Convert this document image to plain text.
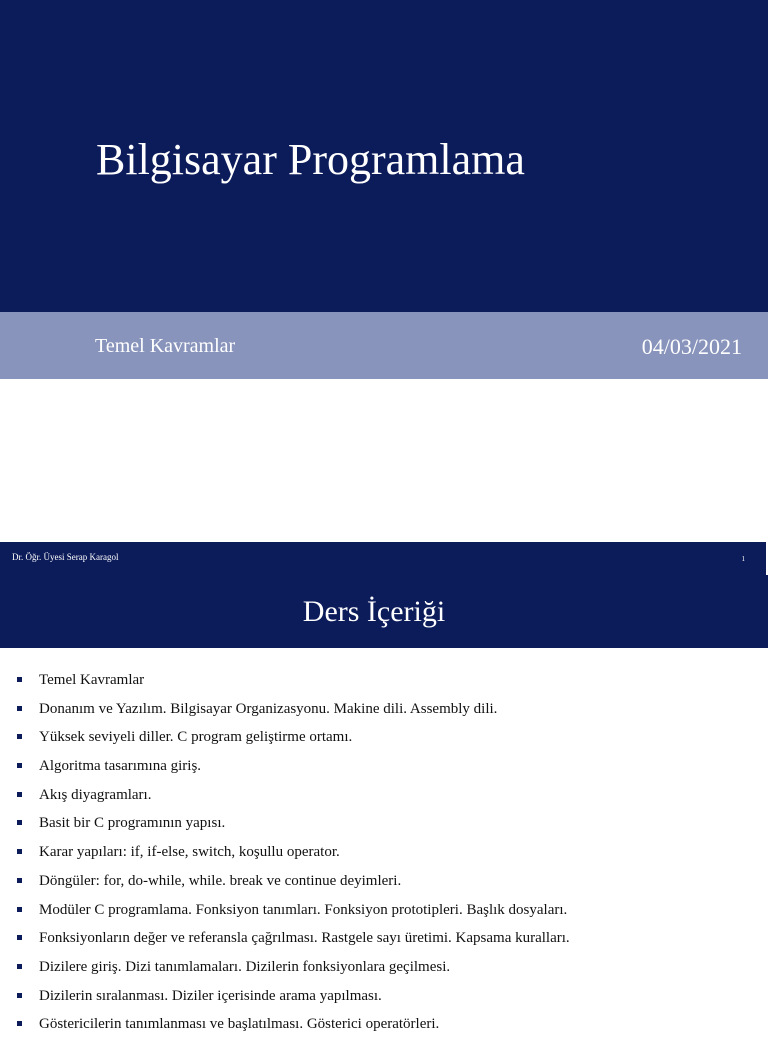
Bilgisayar Programlama
Temel Kavramlar	04/03/2021
Dr. Öğr. Üyesi Serap Karagol	1
Ders İçeriği
Temel Kavramlar
Donanım ve Yazılım. Bilgisayar Organizasyonu. Makine dili. Assembly dili.
Yüksek seviyeli diller. C program geliştirme ortamı.
Algoritma tasarımına giriş.
Akış diyagramları.
Basit bir C programının yapısı.
Karar yapıları: if, if-else, switch, koşullu operator.
Döngüler: for, do-while, while. break ve continue deyimleri.
Modüler C programlama. Fonksiyon tanımları. Fonksiyon prototipleri. Başlık dosyaları.
Fonksiyonların değer ve referansla çağrılması. Rastgele sayı üretimi. Kapsama kuralları.
Dizilere giriş. Dizi tanımlamaları. Dizilerin fonksiyonlara geçilmesi.
Dizilerin sıralanması. Diziler içerisinde arama yapılması.
Göstericilerin tanımlanması ve başlatılması. Gösterici operatörleri.
